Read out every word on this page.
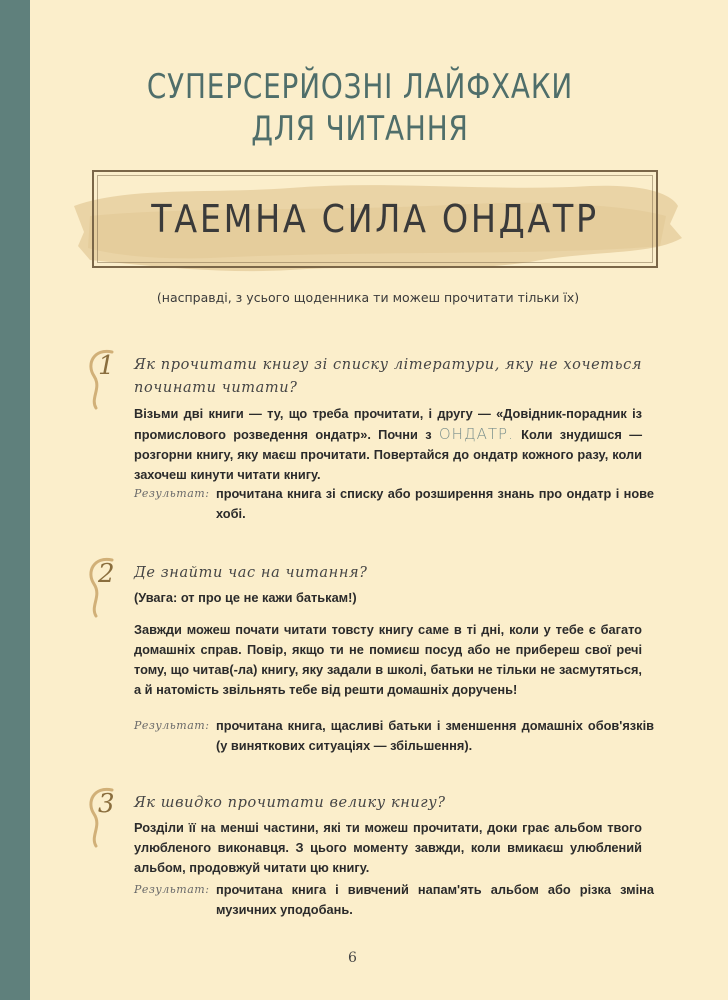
СУПЕРСЕРЙОЗНІ ЛАЙФХАКИ
ДЛЯ ЧИТАННЯ
ТАЕМНА СИЛА ОНДАТР
(насправді, з усього щоденника ти можеш прочитати тільки їх)
1 Як прочитати книгу зі списку літератури, яку не хочеться починати читати?
Візьми дві книги — ту, що треба прочитати, і другу — «Довідник-порадник із промислового розведення ондатр». Почни з ОНДАТР. Коли знудишся — розгорни книгу, яку маєш прочитати. Повертайся до ондатр кожного разу, коли захочеш кинути читати книгу.
Результат: прочитана книга зі списку або розширення знань про ондатр і нове хобі.
2 Де знайти час на читання?
(Увага: от про це не кажи батькам!)
Завжди можеш почати читати товсту книгу саме в ті дні, коли у тебе є багато домашніх справ. Повір, якщо ти не помиєш посуд або не прибереш свої речі тому, що читав(-ла) книгу, яку задали в школі, батьки не тільки не засмутяться, а й натомість звільнять тебе від решти домашніх доручень!
Результат: прочитана книга, щасливі батьки і зменшення домашніх обов'язків (у виняткових ситуаціях — збільшення).
3 Як швидко прочитати велику книгу?
Розділи її на менші частини, які ти можеш прочитати, доки грає альбом твого улюбленого виконавця. З цього моменту завжди, коли вмикаєш улюблений альбом, продовжуй читати цю книгу.
Результат: прочитана книга і вивчений напам'ять альбом або різка зміна музичних уподобань.
6
